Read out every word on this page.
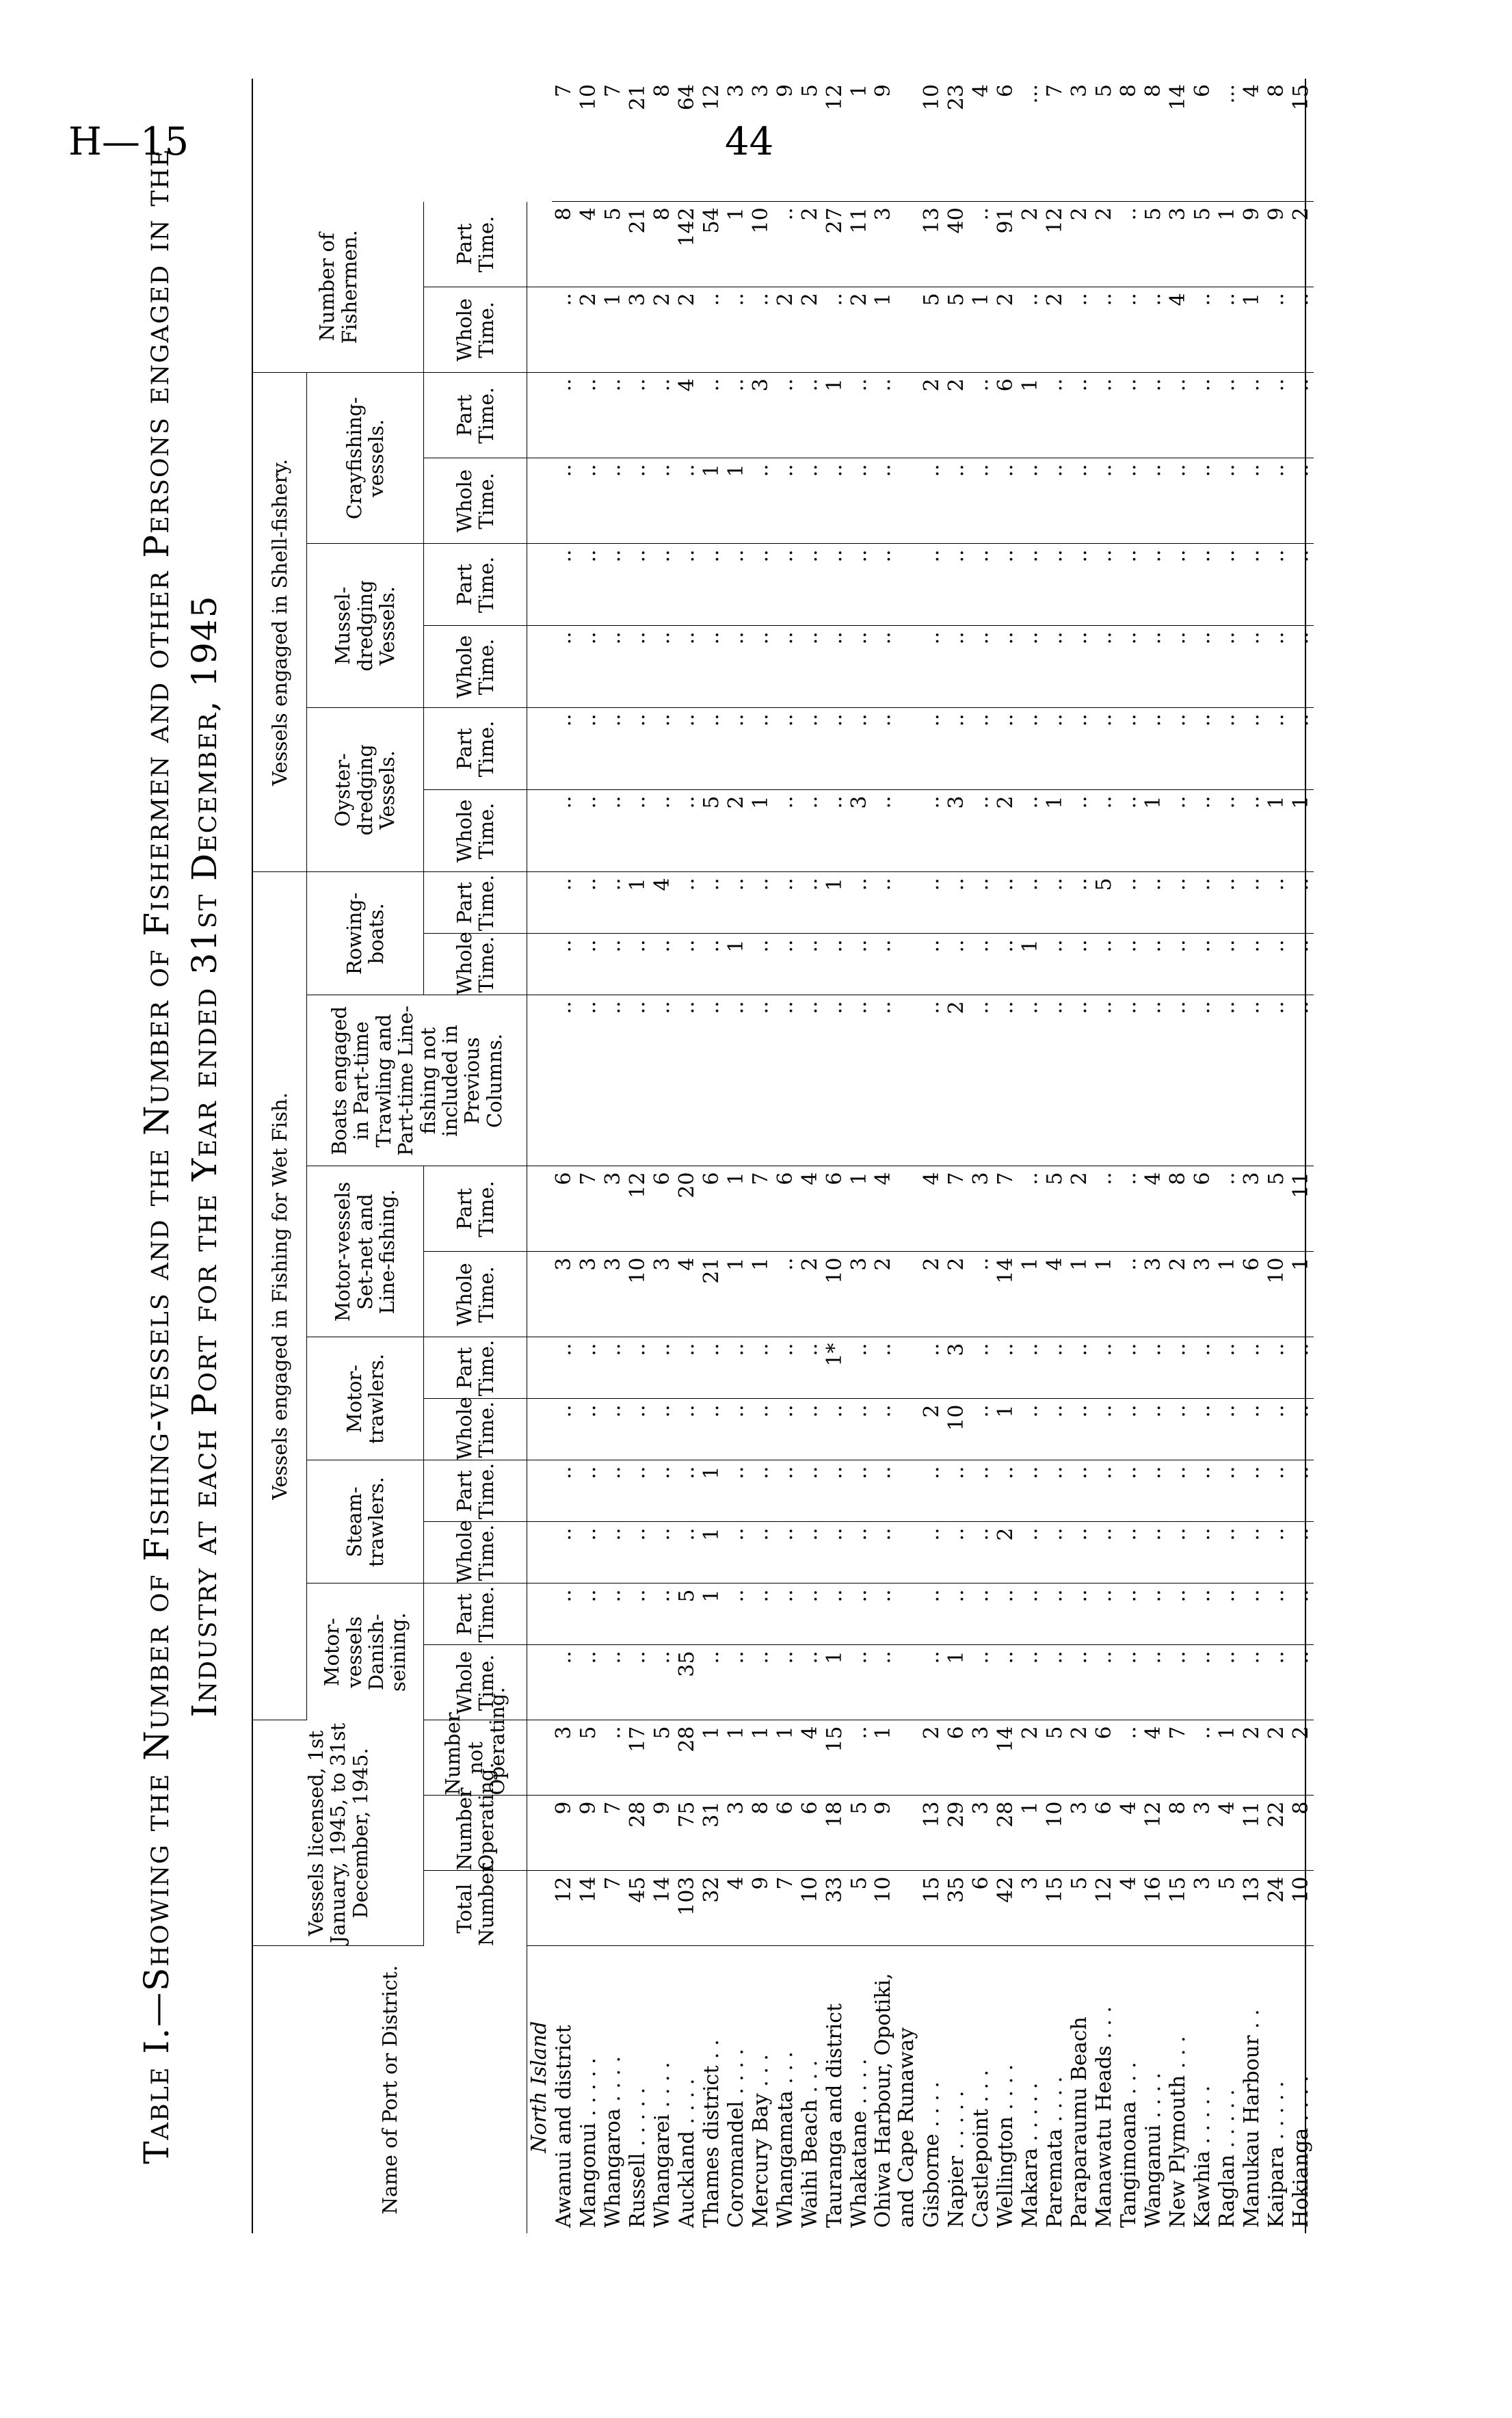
H—15	44
Table I.—Showing the Number of Fishing-vessels and the Number of Fishermen and other Persons engaged in the Industry at each Port for the Year ended 31st December, 1945
Name of Port or District.	Vessels licensed, 1st January, 1945, to 31st December, 1945.			Vessels engaged in Fishing for Wet Fish.											Vessels engaged in Shell-fishery.						Number of Fishermen.		
				Motor-vessels Danish-seining.		Steam-trawlers.		Motor-trawlers.		Motor-vessels Set-net and Line-fishing.		Boats engaged in Part-time Trawling and Part-time Line-fishing not included in Previous Columns.	Rowing-boats.		Oyster-dredging Vessels.		Mussel-dredging Vessels.		Crayfishing-vessels.				
	Total Number.	Number Operating.	Number not Operating.	Whole Time.	Part Time.	Whole Time.	Part Time.	Whole Time.	Part Time.	Whole Time.	Part Time.		Whole Time.	Part Time.	Whole Time.	Part Time.	Whole Time.	Part Time.	Whole Time.	Part Time.	Whole Time.	Part Time.	
North Island																							
Awanui and district	12	9	3	..	..	..	..	..	..	3	6	..	..	..	..	..	..	..	..	..	..	8	7
Mangonui . . . . .	14	9	5	..	..	..	..	..	..	3	7	..	..	..	..	..	..	..	..	..	2	4	10
Whangaroa . . . .	7	7	..	..	..	..	..	..	..	3	3	..	..	..	..	..	..	..	..	..	1	5	7
Russell . . . . .	45	28	17	..	..	..	..	..	..	10	12	..	..	1	..	..	..	..	..	..	3	21	21
Whangarei . . . .	14	9	5	..	..	..	..	..	..	3	6	..	..	4	..	..	..	..	..	..	2	8	8
Auckland . . . .	103	75	28	35	5	..	..	..	..	4	20	..	..	..	..	..	..	..	..	4	2	142	64
Thames district . .	32	31	1	..	1	1	1	..	..	21	6	..	..	..	5	..	..	..	1	..	..	54	12
Coromandel . . . .	4	3	1	..	..	..	..	..	..	1	1	..	1	..	2	..	..	..	1	..	..	1	3
Mercury Bay . . .	9	8	1	..	..	..	..	..	..	1	7	..	..	..	1	..	..	..	..	3	..	10	3
Whangamata . . .	7	6	1	..	..	..	..	..	..	..	6	..	..	..	..	..	..	..	..	..	2	..	9
Waihi Beach . . .	10	6	4	..	..	..	..	..	..	2	4	..	..	..	..	..	..	..	..	..	2	2	5
Tauranga and district	33	18	15	1	..	..	..	..	1*	10	6	..	..	1	..	..	..	..	..	1	..	27	12
Whakatane . . . .	5	5	..	..	..	..	..	..	..	3	1	..	..	..	3	..	..	..	..	..	2	11	1
Ohiwa Harbour, Opotiki, and Cape Runaway	10	9	1	..	..	..	..	..	..	2	4	..	..	..	..	..	..	..	..	..	1	3	9
Gisborne . . . .	15	13	2	..	..	..	..	2	..	2	4	..	..	..	..	..	..	..	..	2	5	13	10
Napier . . . . .	35	29	6	1	..	..	..	10	3	2	7	2	..	..	3	..	..	..	..	2	5	40	23
Castlepoint . . .	6	3	3	..	..	..	..	..	..	..	3	..	..	..	..	..	..	..	..	..	1	..	4
Wellington . . . .	42	28	14	..	..	2	..	1	..	14	7	..	..	..	2	..	..	..	..	6	2	91	6
Makara . . . . .	3	1	2	..	..	..	..	..	..	1	..	..	1	..	..	..	..	..	..	1	..	2	...
Paremata . . . .	15	10	5	..	..	..	..	..	..	4	5	..	..	..	1	..	..	..	..	..	2	12	7
Paraparaumu Beach	5	3	2	..	..	..	..	..	..	1	2	..	..	..	..	..	..	..	..	..	..	2	3
Manawatu Heads . . .	12	6	6	..	..	..	..	..	..	1	..	..	..	5	..	..	..	..	..	..	..	2	5
Tangimoana . . .	4	4	..	..	..	..	..	..	..	..	..	..	..	..	..	..	..	..	..	..	..	..	8
Wanganui . . . .	16	12	4	..	..	..	..	..	..	3	4	..	..	..	1	..	..	..	..	..	..	5	8
New Plymouth . . .	15	8	7	..	..	..	..	..	..	2	8	..	..	..	..	..	..	..	..	..	4	3	14
Kawhia . . . . .	3	3	..	..	..	..	..	..	..	3	6	..	..	..	..	..	..	..	..	..	..	5	6
Raglan . . . . .	5	4	1	..	..	..	..	..	..	1	..	..	..	..	..	..	..	..	..	..	..	1	...
Manukau Harbour . .	13	11	2	..	..	..	..	..	..	6	3	..	..	..	..	..	..	..	..	..	1	9	4
Kaipara . . . . .	24	22	2	..	..	..	..	..	..	10	5	..	..	..	1	..	..	..	..	..	..	9	8
Hokianga . . . .	10	8	2	..	..	..	..	..	..	1	11	..	..	..	1	..	..	..	..	..	..	2	15
